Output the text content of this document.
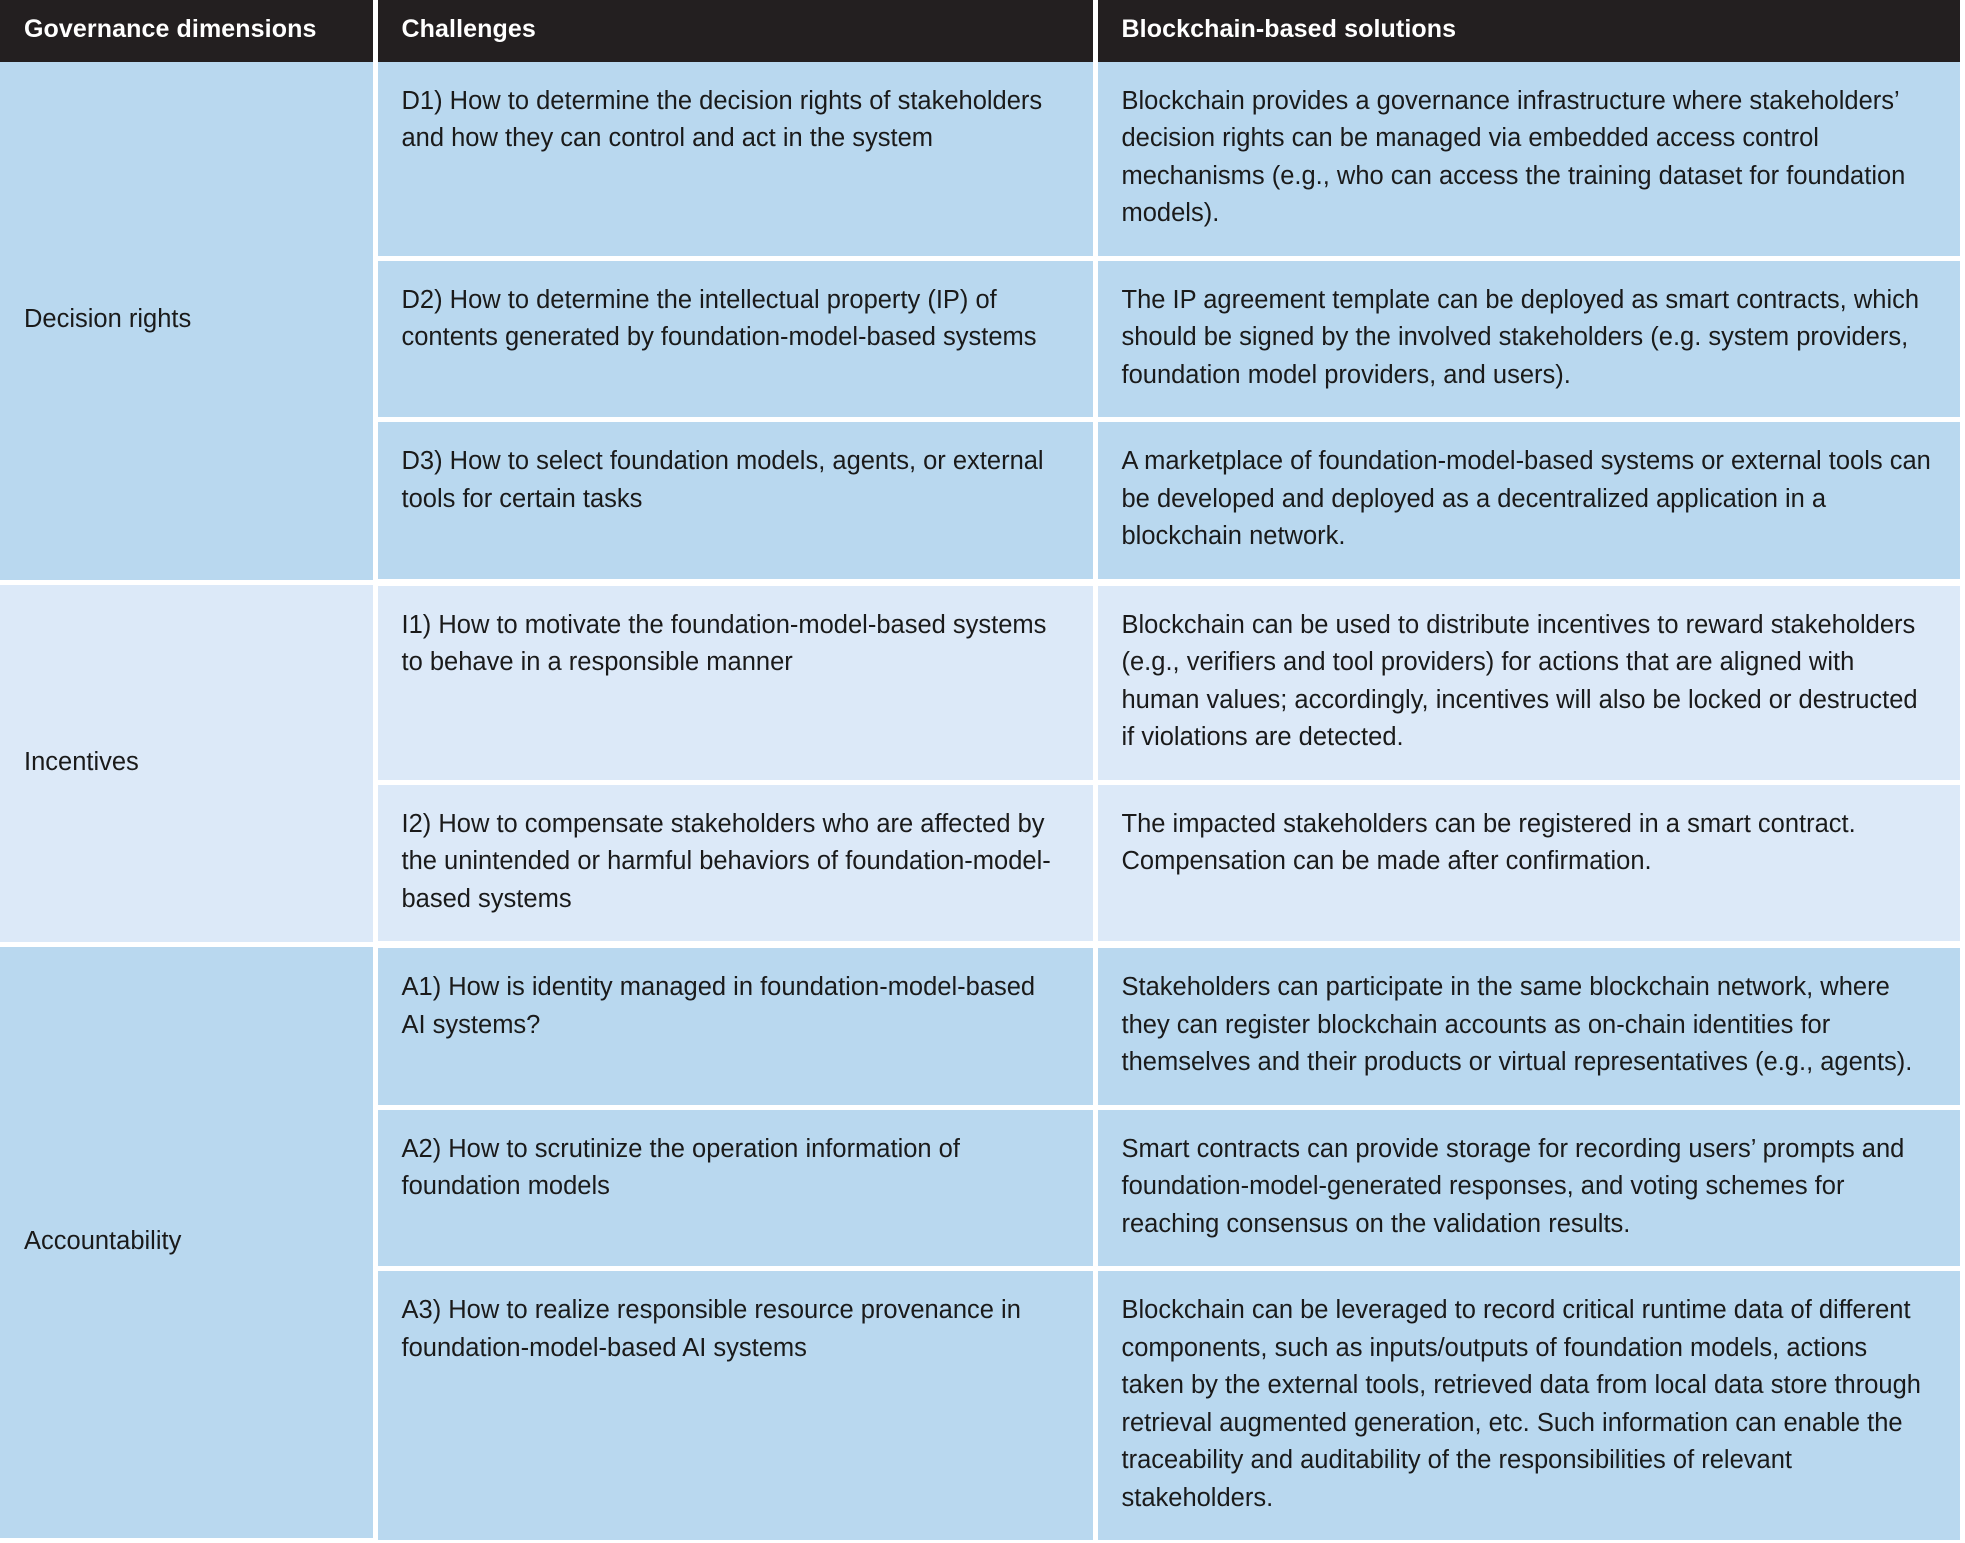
Governance dimensions	Challenges	Blockchain-based solutions
Decision rights	D1) How to determine the decision rights of stakeholders and how they can control and act in the system	Blockchain provides a governance infrastructure where stakeholders’ decision rights can be managed via embedded access control mechanisms (e.g., who can access the training dataset for foundation models).
	D2) How to determine the intellectual property (IP) of contents generated by foundation-model-based systems	The IP agreement template can be deployed as smart contracts, which should be signed by the involved stakeholders (e.g. system providers, foundation model providers, and users).
	D3) How to select foundation models, agents, or external tools for certain tasks	A marketplace of foundation-model-based systems or external tools can be developed and deployed as a decentralized application in a blockchain network.
Incentives	I1) How to motivate the foundation-model-based systems to behave in a responsible manner	Blockchain can be used to distribute incentives to reward stakeholders (e.g., verifiers and tool providers) for actions that are aligned with human values; accordingly, incentives will also be locked or destructed if violations are detected.
	I2) How to compensate stakeholders who are affected by the unintended or harmful behaviors of foundation-model-based systems	The impacted stakeholders can be registered in a smart contract. Compensation can be made after confirmation.
Accountability	A1) How is identity managed in foundation-model-based AI systems?	Stakeholders can participate in the same blockchain network, where they can register blockchain accounts as on-chain identities for themselves and their products or virtual representatives (e.g., agents).
	A2) How to scrutinize the operation information of foundation models	Smart contracts can provide storage for recording users’ prompts and foundation-model-generated responses, and voting schemes for reaching consensus on the validation results.
	A3) How to realize responsible resource provenance in foundation-model-based AI systems	Blockchain can be leveraged to record critical runtime data of different components, such as inputs/outputs of foundation models, actions taken by the external tools, retrieved data from local data store through retrieval augmented generation, etc. Such information can enable the traceability and auditability of the responsibilities of relevant stakeholders.
